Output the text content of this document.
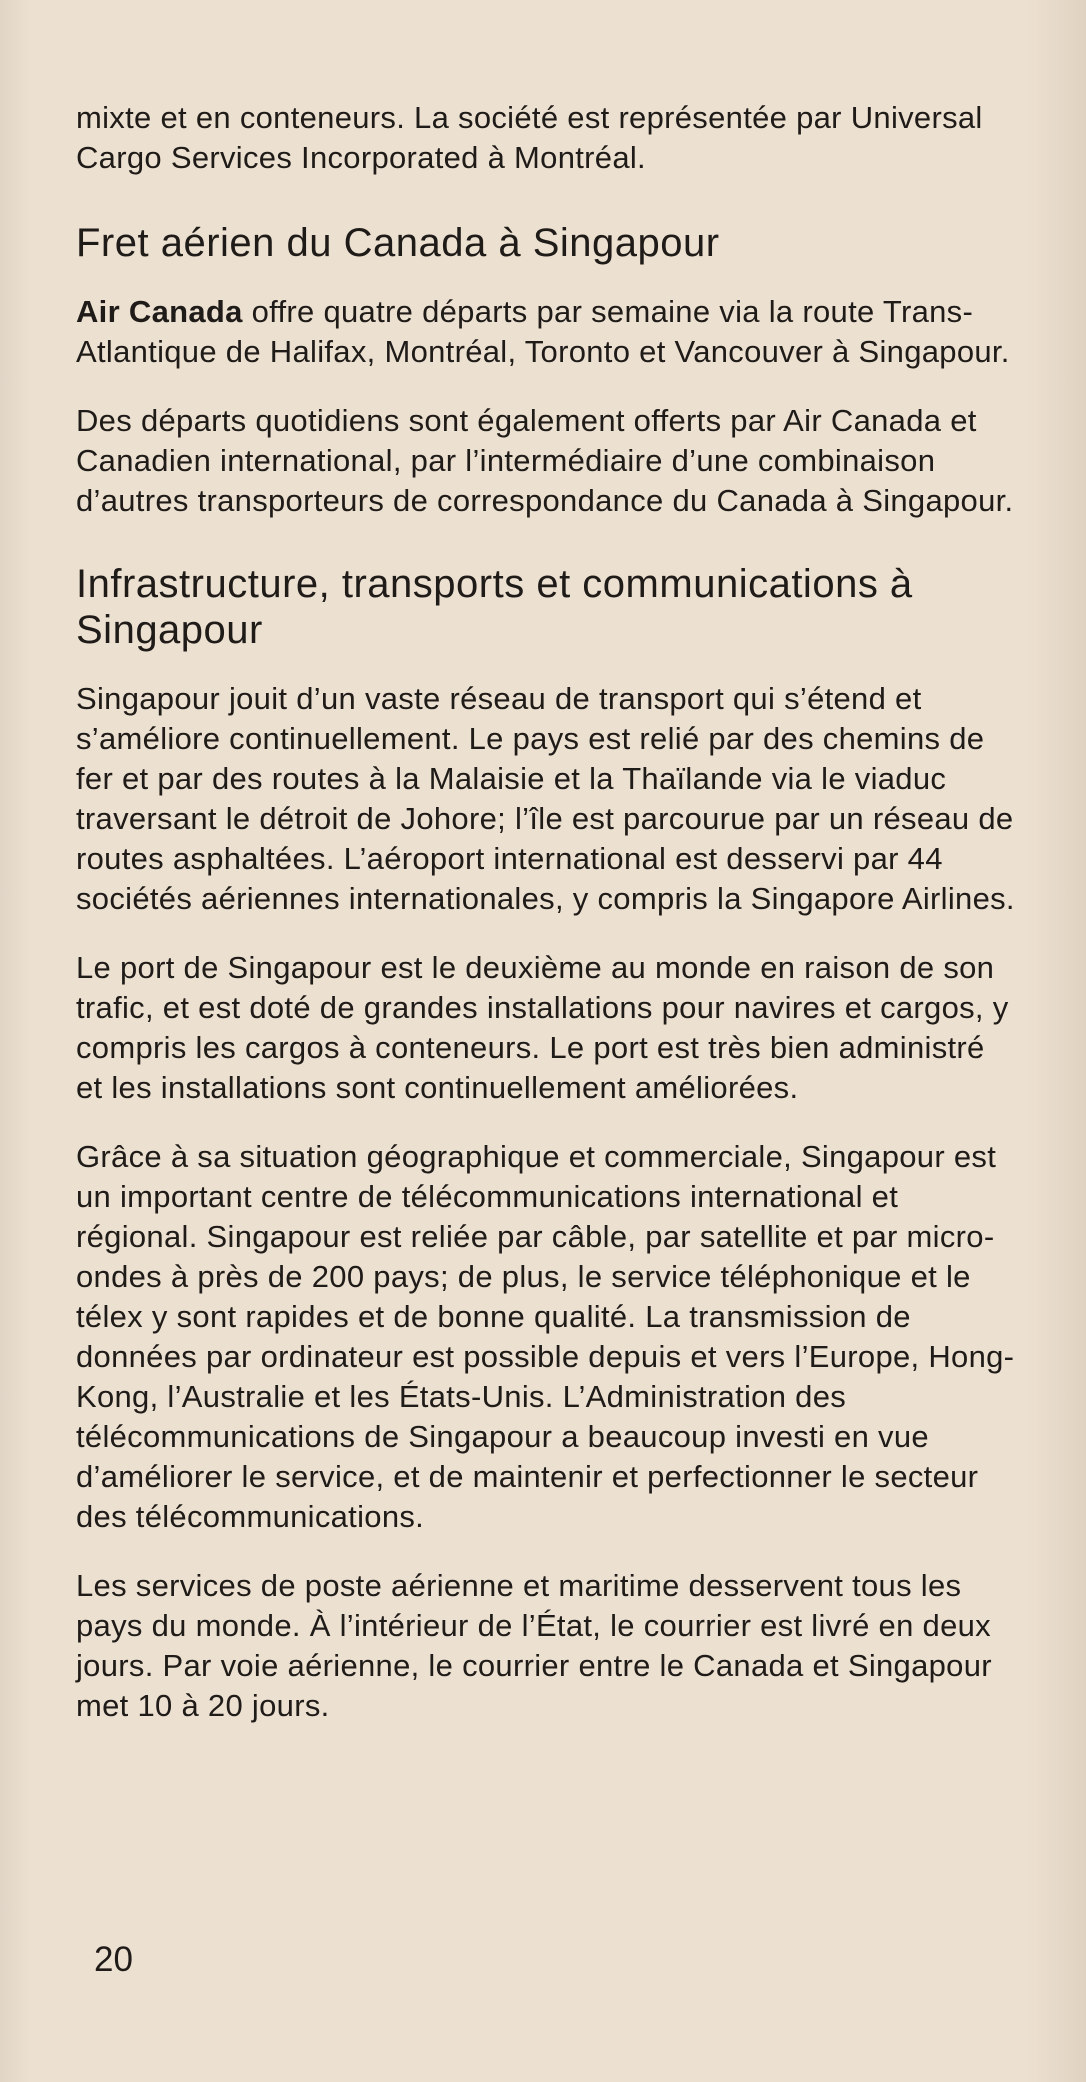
mixte et en conteneurs. La société est représentée par Universal Cargo Services Incorporated à Montréal.

Fret aérien du Canada à Singapour

Air Canada offre quatre départs par semaine via la route Trans-Atlantique de Halifax, Montréal, Toronto et Vancouver à Singapour.

Des départs quotidiens sont également offerts par Air Canada et Canadien international, par l’intermédiaire d’une combinaison d’autres transporteurs de correspondance du Canada à Singapour.

Infrastructure, transports et communications à Singapour

Singapour jouit d’un vaste réseau de transport qui s’étend et s’améliore continuellement. Le pays est relié par des chemins de fer et par des routes à la Malaisie et la Thaïlande via le viaduc traversant le détroit de Johore; l’île est parcourue par un réseau de routes asphaltées. L’aéroport international est desservi par 44 sociétés aériennes internationales, y compris la Singapore Airlines.

Le port de Singapour est le deuxième au monde en raison de son trafic, et est doté de grandes installations pour navires et cargos, y compris les cargos à conteneurs. Le port est très bien administré et les installations sont continuellement améliorées.

Grâce à sa situation géographique et commerciale, Singapour est un important centre de télécommunications international et régional. Singapour est reliée par câble, par satellite et par micro-ondes à près de 200 pays; de plus, le service téléphonique et le télex y sont rapides et de bonne qualité. La transmission de données par ordinateur est possible depuis et vers l’Europe, Hong-Kong, l’Australie et les États-Unis. L’Administration des télécommunications de Singapour a beaucoup investi en vue d’améliorer le service, et de maintenir et perfectionner le secteur des télécommunications.

Les services de poste aérienne et maritime desservent tous les pays du monde. À l’intérieur de l’État, le courrier est livré en deux jours. Par voie aérienne, le courrier entre le Canada et Singapour met 10 à 20 jours.

20
